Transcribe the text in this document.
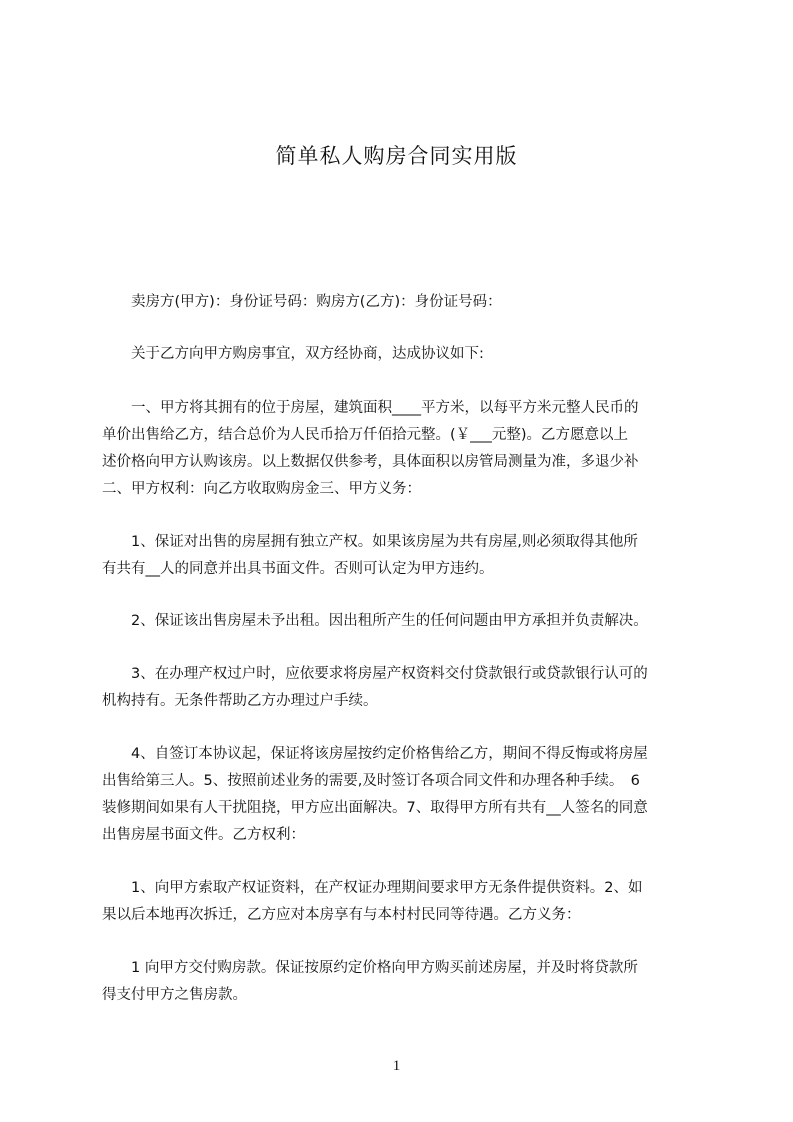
简单私人购房合同实用版
　　卖房方(甲方)：身份证号码：购房方(乙方)：身份证号码：
　　关于乙方向甲方购房事宜，双方经协商，达成协议如下:
　　一、甲方将其拥有的位于房屋，建筑面积____平方米，以每平方米元整人民币的
单价出售给乙方，结合总价为人民币拾万仟佰拾元整。(￥___元整)。乙方愿意以上
述价格向甲方认购该房。以上数据仅供参考，具体面积以房管局测量为准，多退少补
二、甲方权利：向乙方收取购房金三、甲方义务：
　　1、保证对出售的房屋拥有独立产权。如果该房屋为共有房屋,则必须取得其他所
有共有__人的同意并出具书面文件。否则可认定为甲方违约。
　　2、保证该出售房屋未予出租。因出租所产生的任何问题由甲方承担并负责解决。
　　3、在办理产权过户时，应依要求将房屋产权资料交付贷款银行或贷款银行认可的
机构持有。无条件帮助乙方办理过户手续。
　　4、自签订本协议起，保证将该房屋按约定价格售给乙方，期间不得反悔或将房屋
出售给第三人。5、按照前述业务的需要,及时签订各项合同文件和办理各种手续。　6
装修期间如果有人干扰阻挠，甲方应出面解决。7、取得甲方所有共有__人签名的同意
出售房屋书面文件。乙方权利：
　　1、向甲方索取产权证资料，在产权证办理期间要求甲方无条件提供资料。2、如
果以后本地再次拆迁，乙方应对本房享有与本村村民同等待遇。乙方义务：
　　1 向甲方交付购房款。保证按原约定价格向甲方购买前述房屋，并及时将贷款所
得支付甲方之售房款。
1
